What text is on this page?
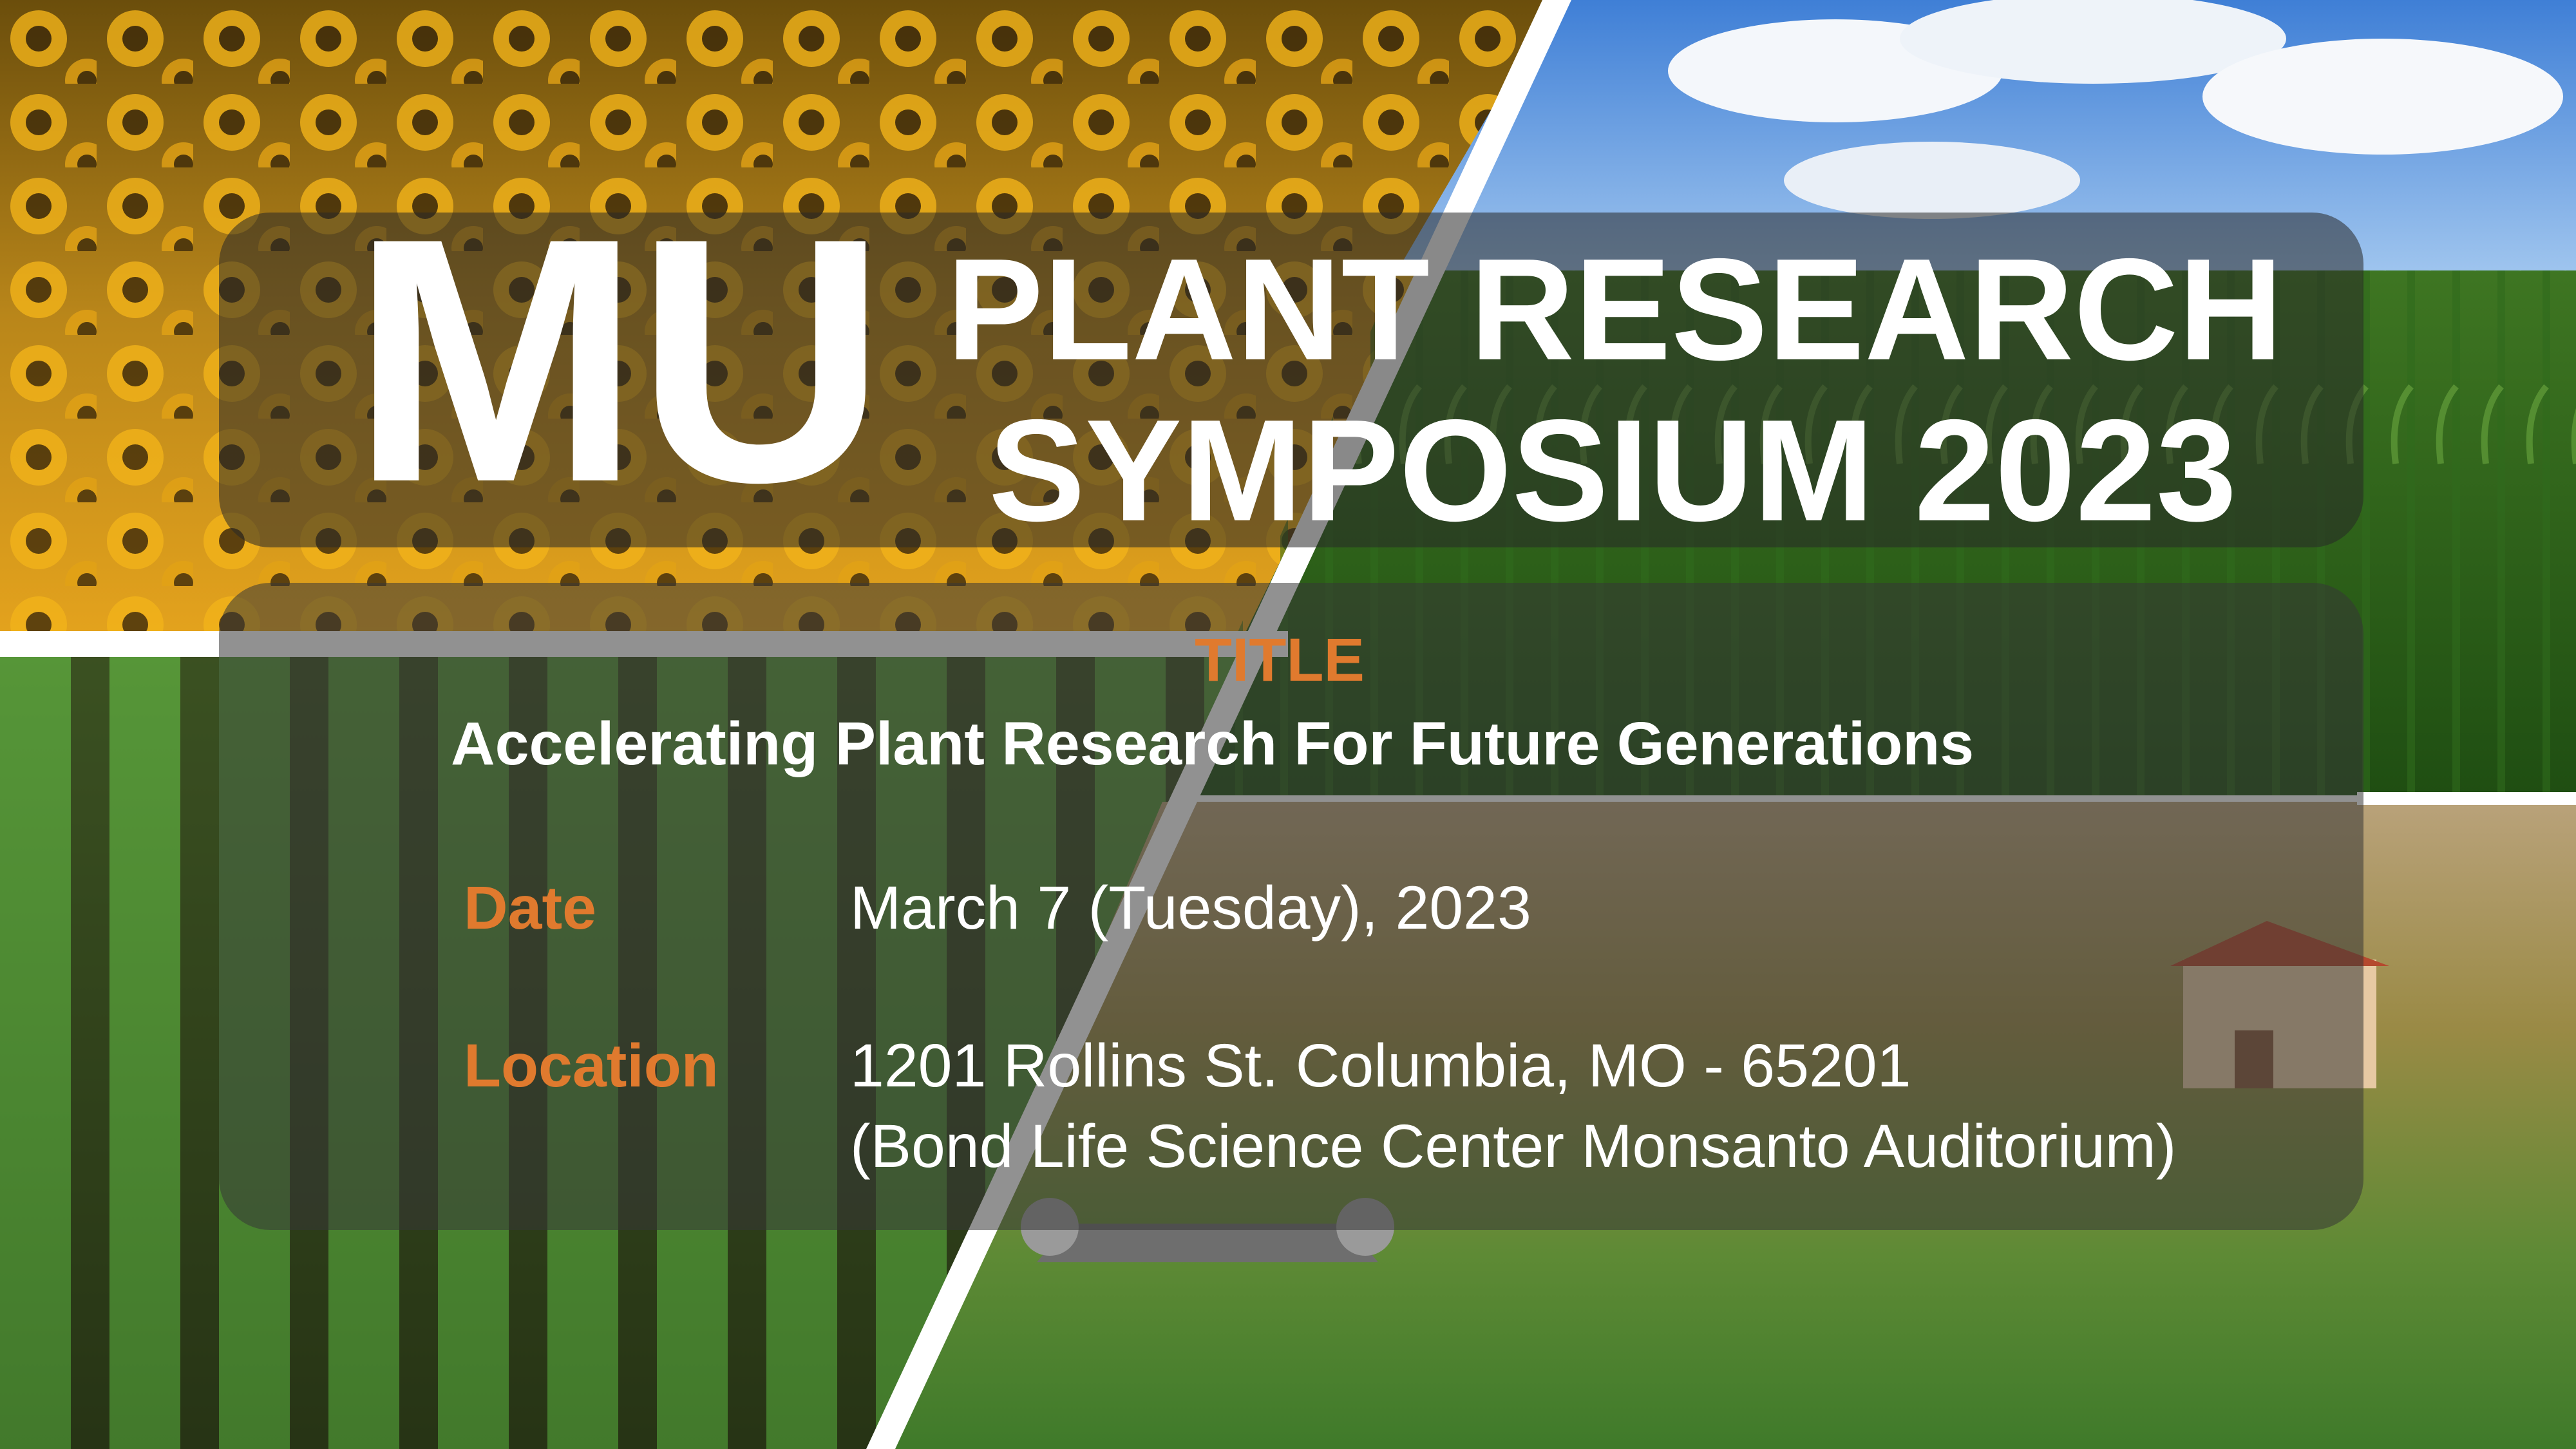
MU PLANT RESEARCH
SYMPOSIUM 2023
TITLE
Accelerating Plant Research For Future Generations
Date	March 7 (Tuesday), 2023
Location 1201 Rollins St. Columbia, MO - 65201
(Bond Life Science Center Monsanto Auditorium)
